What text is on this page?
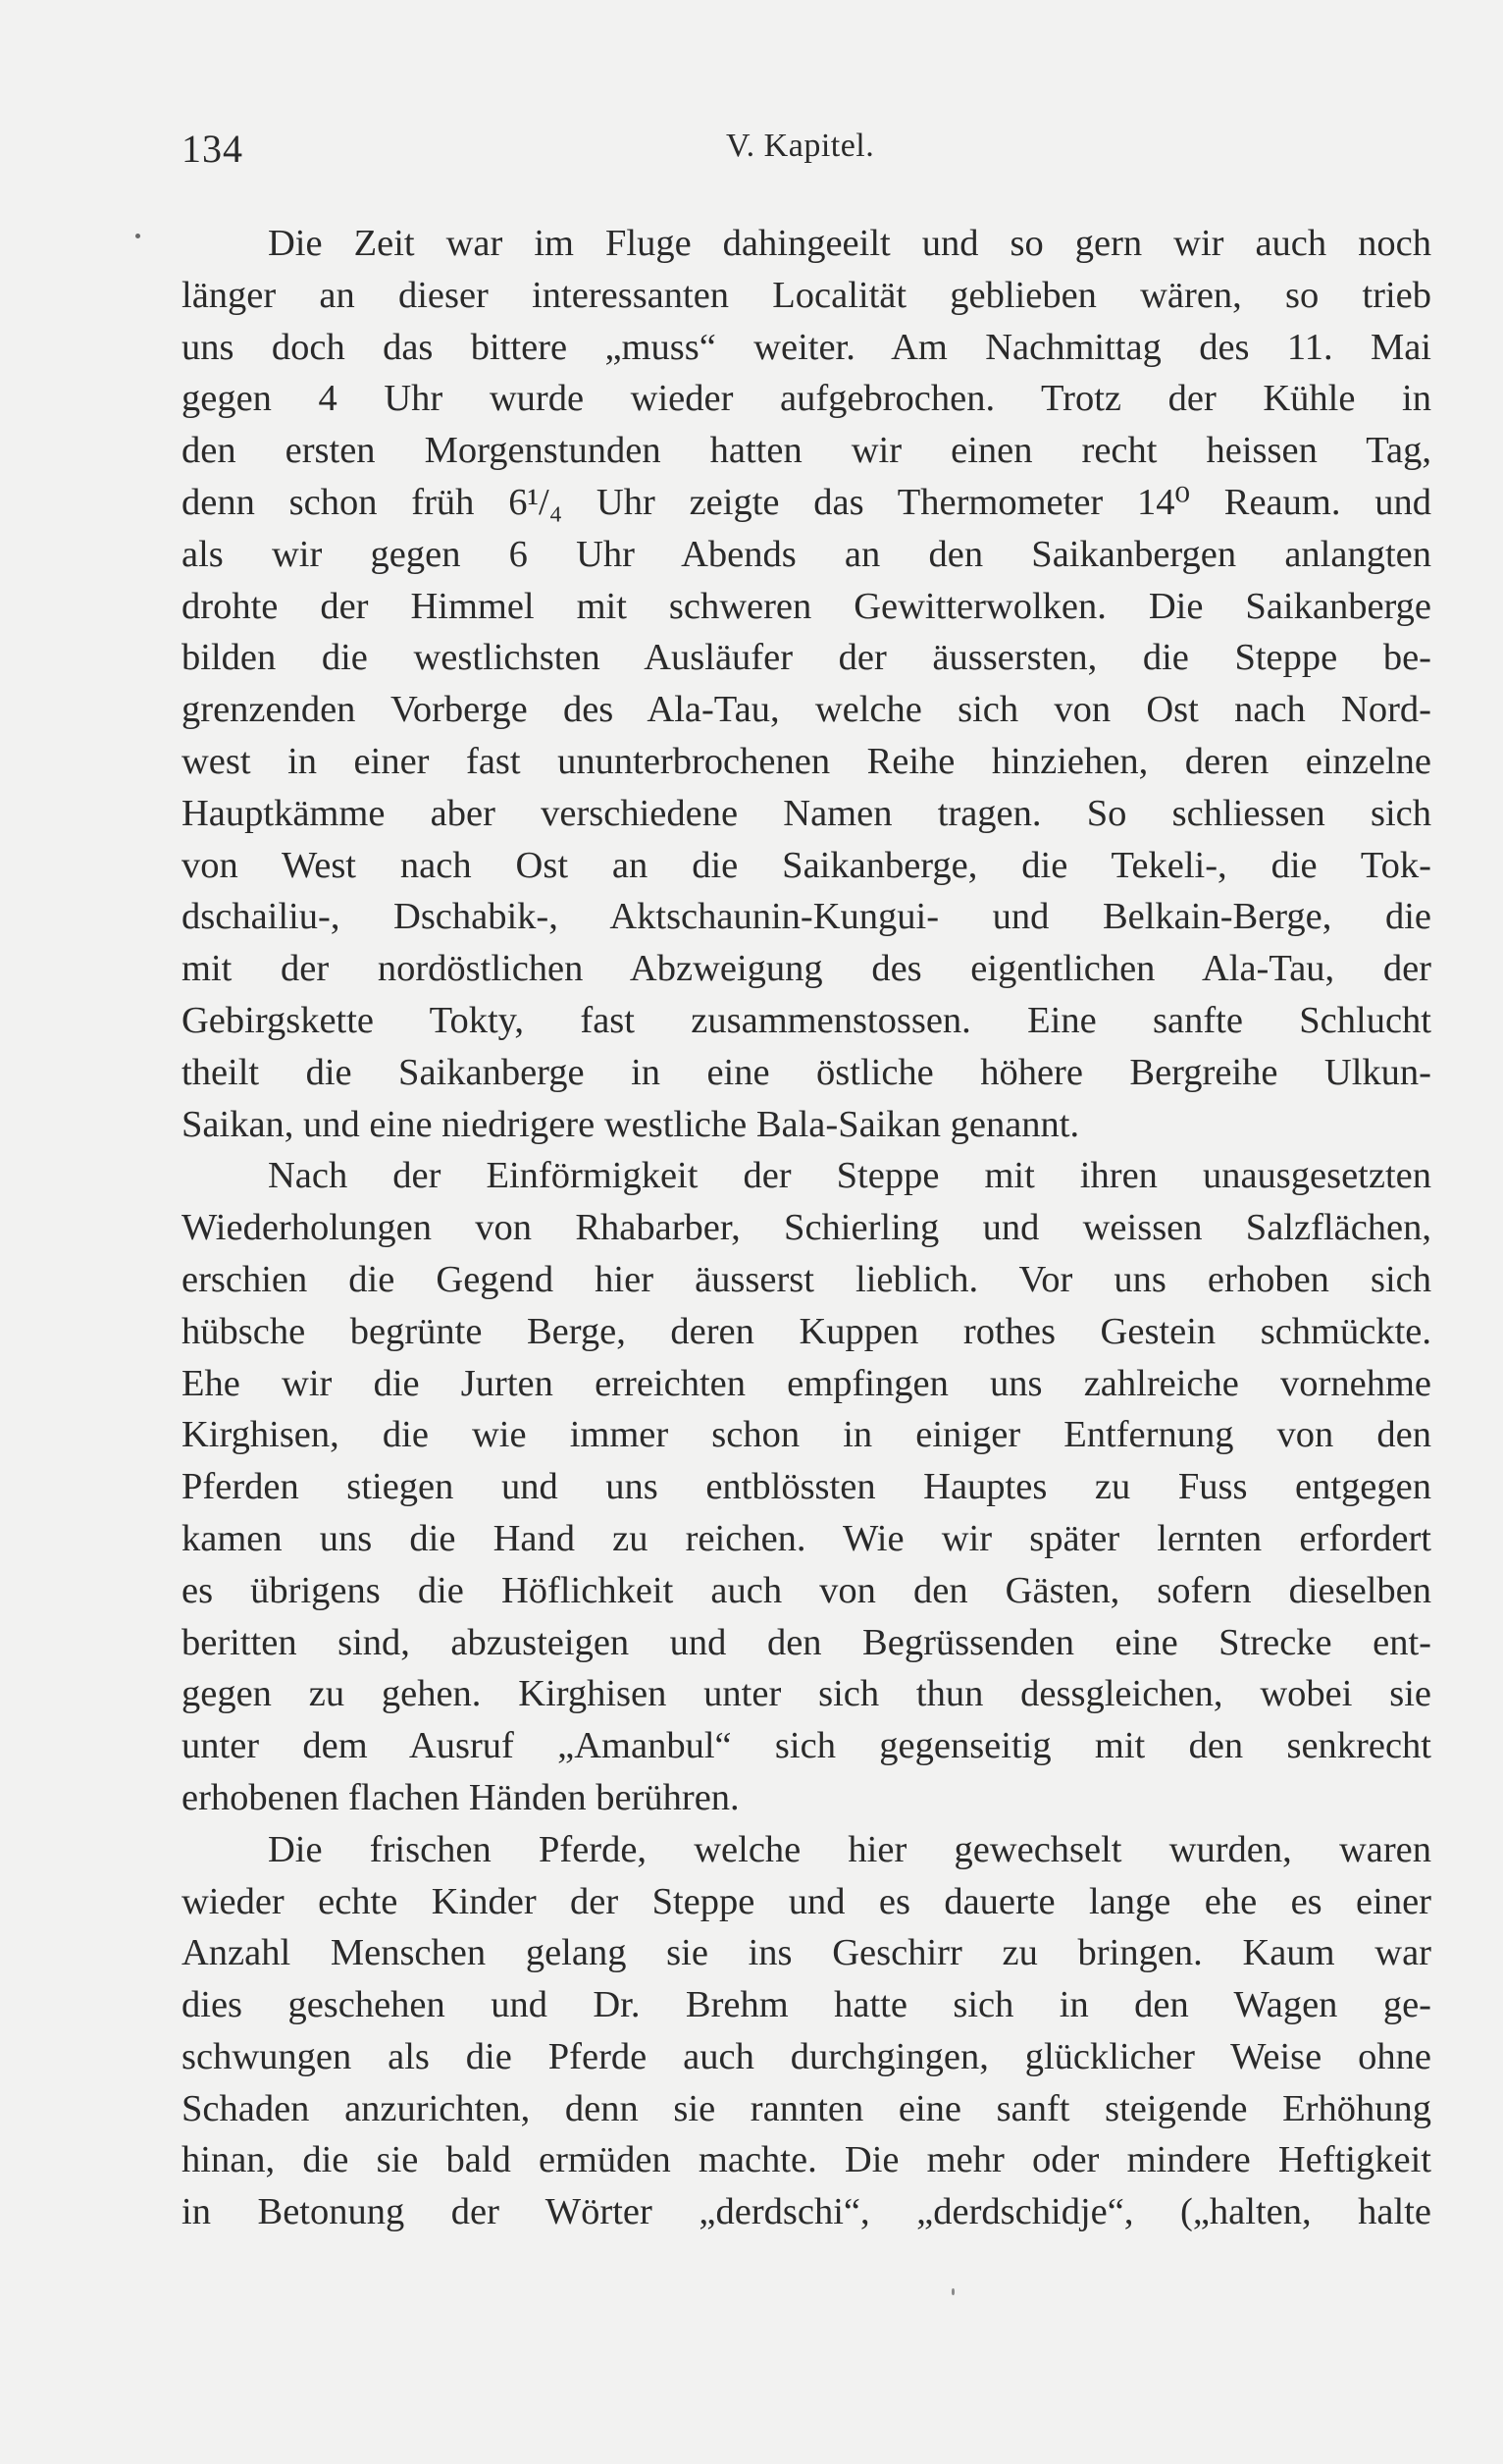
134	V. Kapitel.
Die Zeit war im Fluge dahingeeilt und so gern wir auch noch
länger an dieser interessanten Localität geblieben wären, so trieb
uns doch das bittere „muss“ weiter. Am Nachmittag des 11. Mai
gegen 4 Uhr wurde wieder aufgebrochen. Trotz der Kühle in
den ersten Morgenstunden hatten wir einen recht heissen Tag,
denn schon früh 6¹/₄ Uhr zeigte das Thermometer 14⁰ Reaum. und
als wir gegen 6 Uhr Abends an den Saikanbergen anlangten
drohte der Himmel mit schweren Gewitterwolken. Die Saikanberge
bilden die westlichsten Ausläufer der äussersten, die Steppe be-
grenzenden Vorberge des Ala-Tau, welche sich von Ost nach Nord-
west in einer fast ununterbrochenen Reihe hinziehen, deren einzelne
Hauptkämme aber verschiedene Namen tragen. So schliessen sich
von West nach Ost an die Saikanberge, die Tekeli-, die Tok-
dschailiu-, Dschabik-, Aktschaunin-Kungui- und Belkain-Berge, die
mit der nordöstlichen Abzweigung des eigentlichen Ala-Tau, der
Gebirgskette Tokty, fast zusammenstossen. Eine sanfte Schlucht
theilt die Saikanberge in eine östliche höhere Bergreihe Ulkun-
Saikan, und eine niedrigere westliche Bala-Saikan genannt.
Nach der Einförmigkeit der Steppe mit ihren unausgesetzten
Wiederholungen von Rhabarber, Schierling und weissen Salzflächen,
erschien die Gegend hier äusserst lieblich. Vor uns erhoben sich
hübsche begrünte Berge, deren Kuppen rothes Gestein schmückte.
Ehe wir die Jurten erreichten empfingen uns zahlreiche vornehme
Kirghisen, die wie immer schon in einiger Entfernung von den
Pferden stiegen und uns entblössten Hauptes zu Fuss entgegen
kamen uns die Hand zu reichen. Wie wir später lernten erfordert
es übrigens die Höflichkeit auch von den Gästen, sofern dieselben
beritten sind, abzusteigen und den Begrüssenden eine Strecke ent-
gegen zu gehen. Kirghisen unter sich thun dessgleichen, wobei sie
unter dem Ausruf „Amanbul“ sich gegenseitig mit den senkrecht
erhobenen flachen Händen berühren.
Die frischen Pferde, welche hier gewechselt wurden, waren
wieder echte Kinder der Steppe und es dauerte lange ehe es einer
Anzahl Menschen gelang sie ins Geschirr zu bringen. Kaum war
dies geschehen und Dr. Brehm hatte sich in den Wagen ge-
schwungen als die Pferde auch durchgingen, glücklicher Weise ohne
Schaden anzurichten, denn sie rannten eine sanft steigende Erhöhung
hinan, die sie bald ermüden machte. Die mehr oder mindere Heftigkeit
in Betonung der Wörter „derdschi“, „derdschidje“, („halten, halte
